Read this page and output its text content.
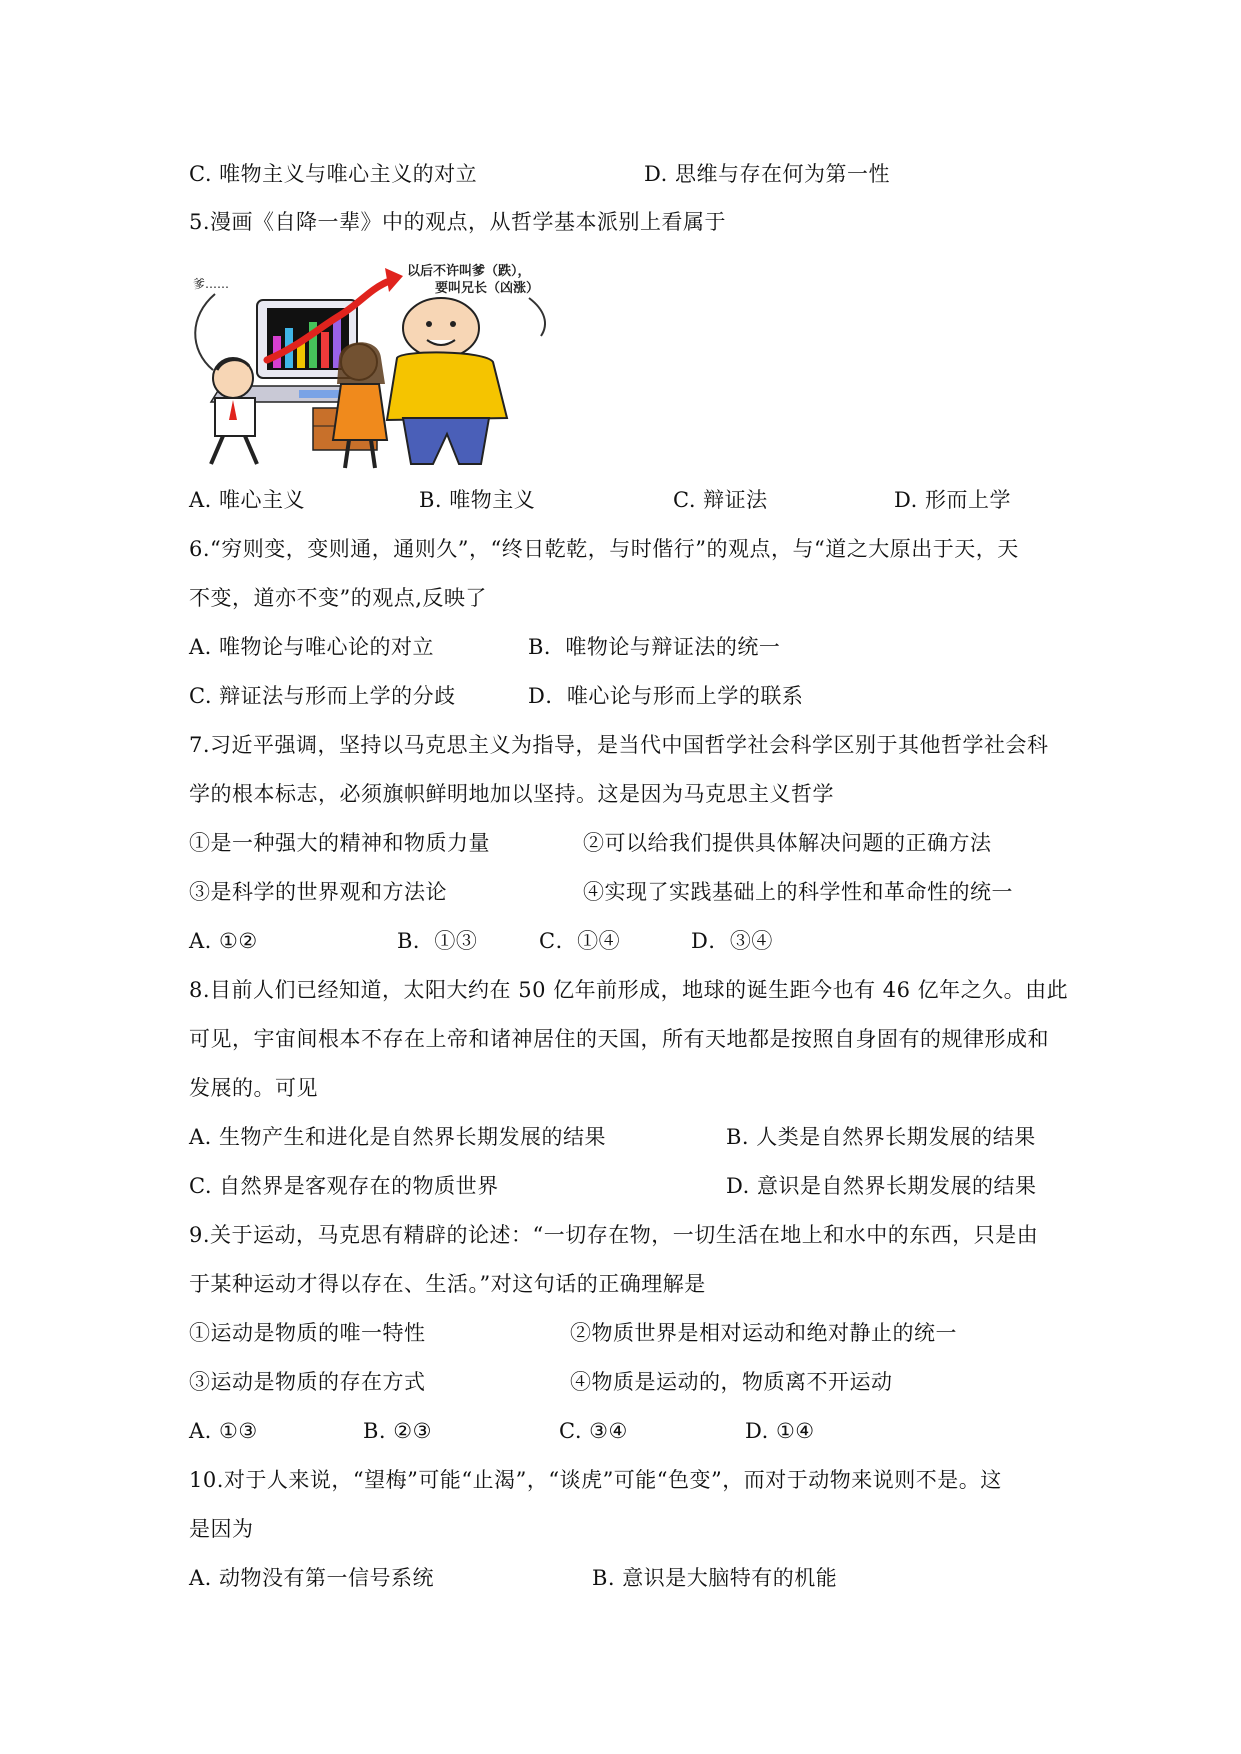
C. 唯物主义与唯心主义的对立	D. 思维与存在何为第一性
5.漫画《自降一辈》中的观点，从哲学基本派别上看属于
以后不许叫爹（跌），
要叫兄长（凶涨）
爹……
A. 唯心主义	B. 唯物主义	C. 辩证法	D. 形而上学
6.“穷则变，变则通，通则久”，“终日乾乾，与时偕行”的观点，与“道之大原出于天，天
不变，道亦不变”的观点,反映了
A. 唯物论与唯心论的对立	B．唯物论与辩证法的统一
C. 辩证法与形而上学的分歧	D．唯心论与形而上学的联系
7.习近平强调，坚持以马克思主义为指导，是当代中国哲学社会科学区别于其他哲学社会科
学的根本标志，必须旗帜鲜明地加以坚持。这是因为马克思主义哲学
①是一种强大的精神和物质力量	②可以给我们提供具体解决问题的正确方法
③是科学的世界观和方法论	④实现了实践基础上的科学性和革命性的统一
A. ①②	B．①③	C．①④	D．③④
8.目前人们已经知道，太阳大约在 50 亿年前形成，地球的诞生距今也有 46 亿年之久。由此
可见，宇宙间根本不存在上帝和诸神居住的天国，所有天地都是按照自身固有的规律形成和
发展的。可见
A. 生物产生和进化是自然界长期发展的结果	B. 人类是自然界长期发展的结果
C. 自然界是客观存在的物质世界	D. 意识是自然界长期发展的结果
9.关于运动，马克思有精辟的论述：“一切存在物，一切生活在地上和水中的东西，只是由
于某种运动才得以存在、生活。”对这句话的正确理解是
①运动是物质的唯一特性	②物质世界是相对运动和绝对静止的统一
③运动是物质的存在方式	④物质是运动的，物质离不开运动
A. ①③	B. ②③	C. ③④	D. ①④
10.对于人来说，“望梅”可能“止渴”，“谈虎”可能“色变”，而对于动物来说则不是。这
是因为
A. 动物没有第一信号系统	B. 意识是大脑特有的机能
